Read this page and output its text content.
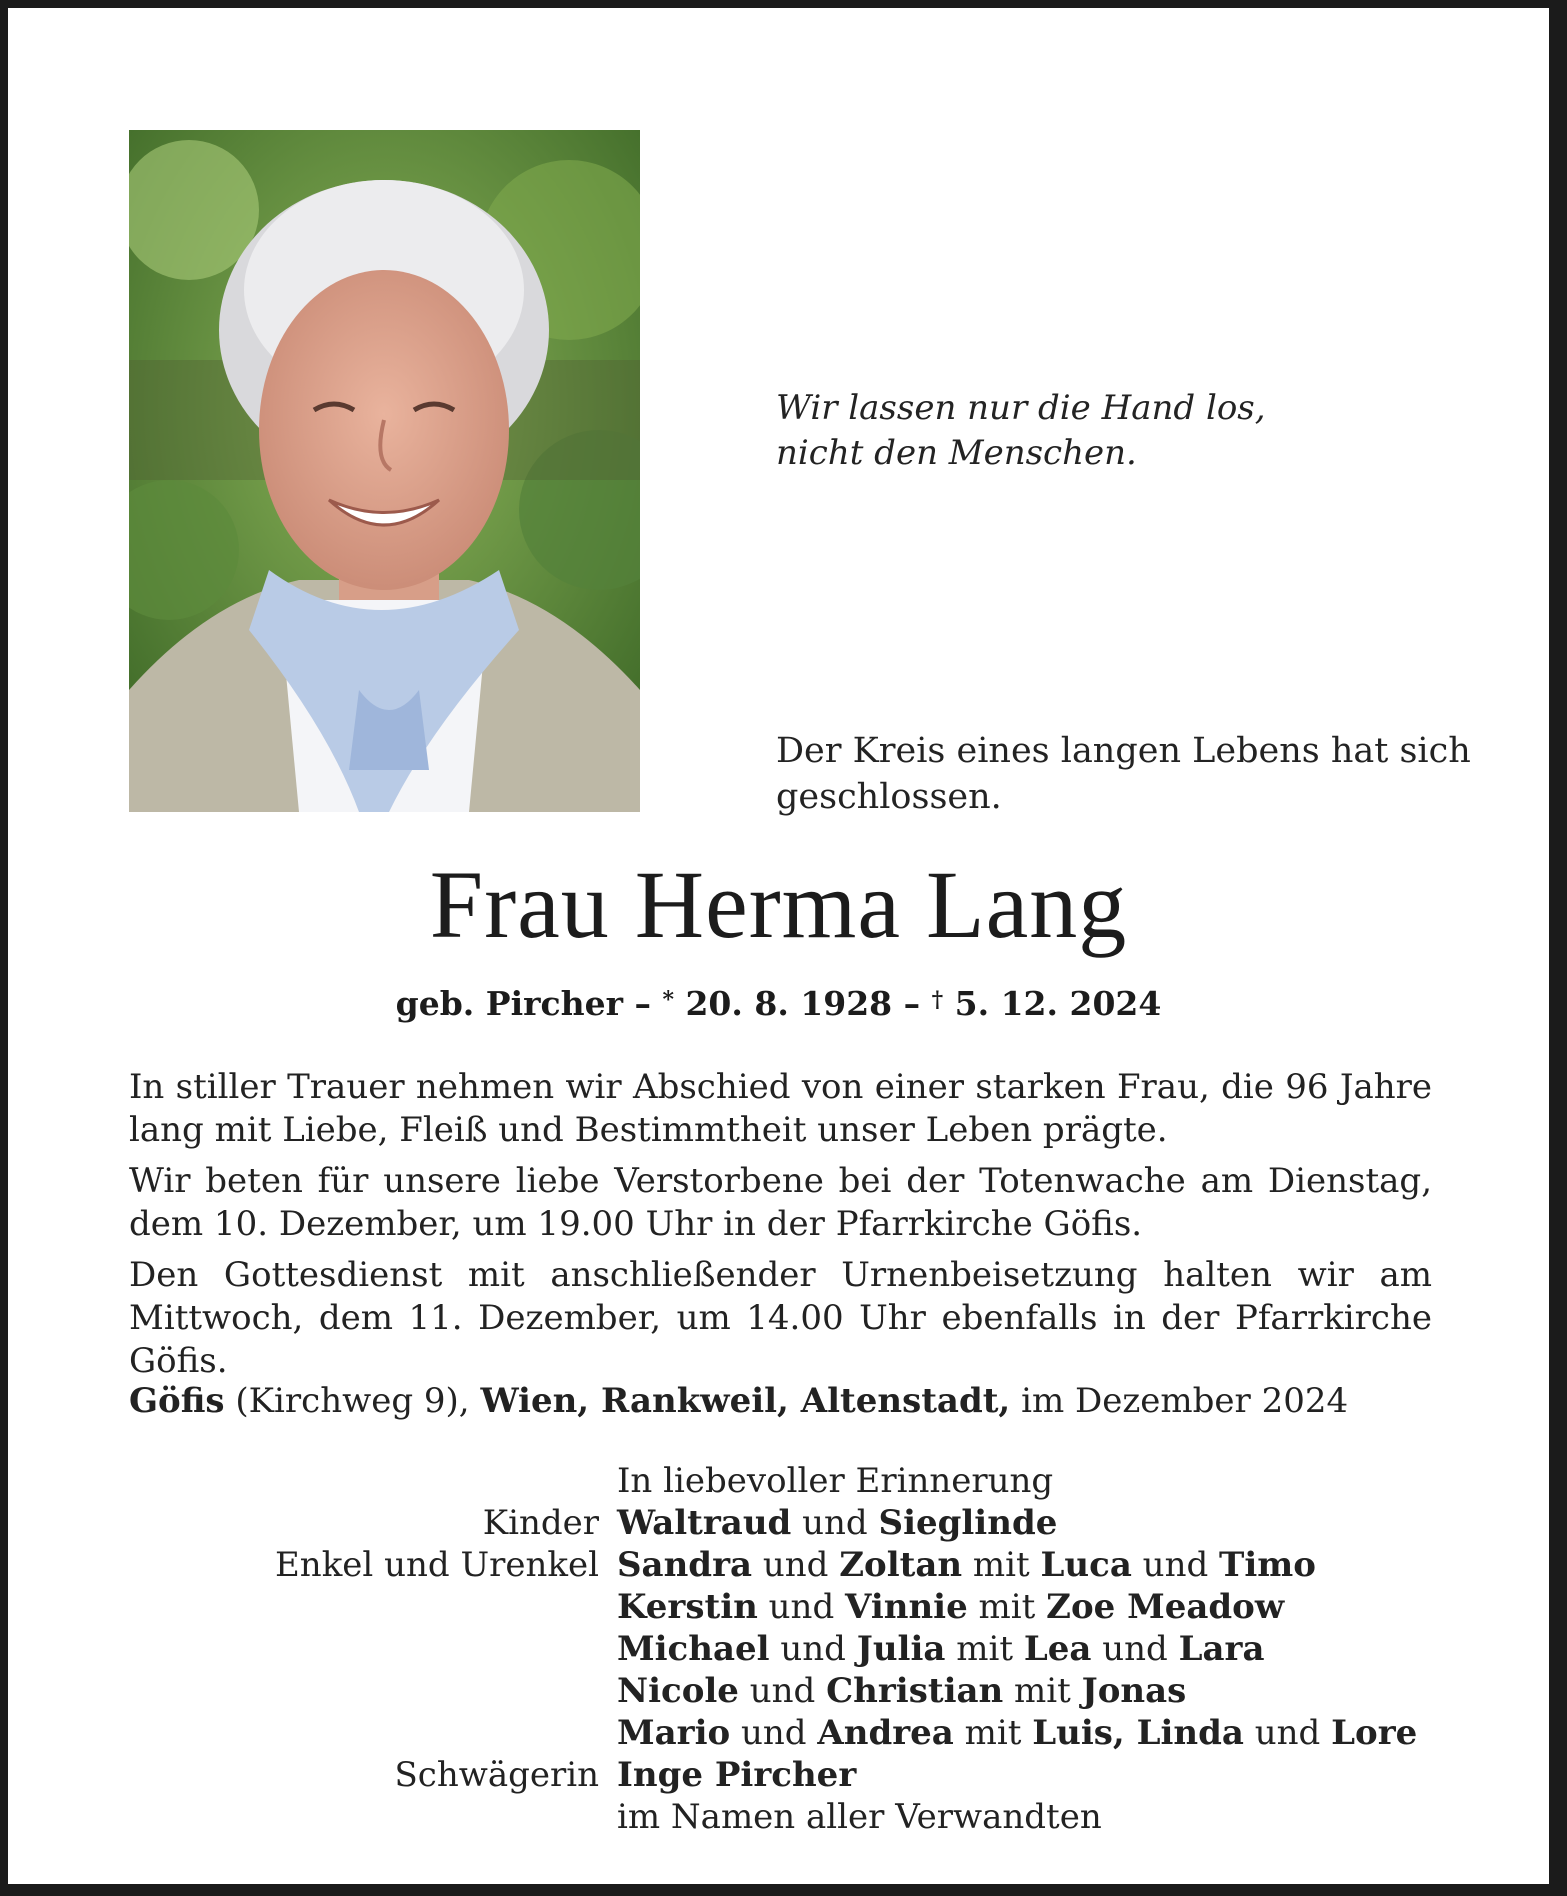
Wir lassen nur die Hand los,
nicht den Menschen.
Der Kreis eines langen Lebens hat sich
geschlossen.
Frau Herma Lang
geb. Pircher – * 20. 8. 1928 – † 5. 12. 2024

In stiller Trauer nehmen wir Abschied von einer starken Frau, die 96 Jahre lang mit Liebe, Fleiß und Bestimmtheit unser Leben prägte.

Wir beten für unsere liebe Verstorbene bei der Totenwache am Dienstag, dem 10. Dezember, um 19.00 Uhr in der Pfarrkirche Göfis.

Den Gottesdienst mit anschließender Urnenbeisetzung halten wir am Mittwoch, dem 11. Dezember, um 14.00 Uhr ebenfalls in der Pfarrkirche Göfis.

Göfis (Kirchweg 9), Wien, Rankweil, Altenstadt, im Dezember 2024
In liebevoller Erinnerung
Kinder Waltraud und Sieglinde
Enkel und Urenkel Sandra und Zoltan mit Luca und Timo
Kerstin und Vinnie mit Zoe Meadow
Michael und Julia mit Lea und Lara
Nicole und Christian mit Jonas
Mario und Andrea mit Luis, Linda und Lore
Schwägerin Inge Pircher
im Namen aller Verwandten
